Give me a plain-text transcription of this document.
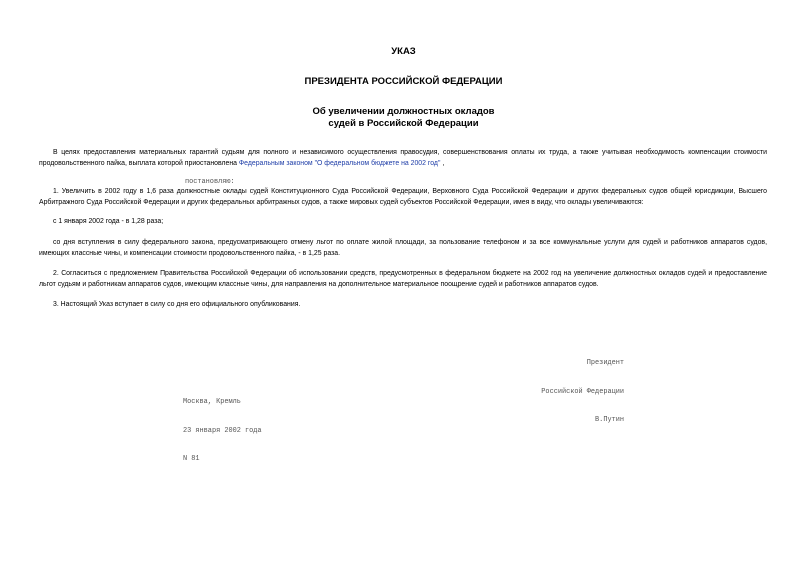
УКАЗ
ПРЕЗИДЕНТА РОССИЙСКОЙ ФЕДЕРАЦИИ
Об увеличении должностных окладов
судей в Российской Федерации
В целях предоставления материальных гарантий судьям для полного и независимого осуществления правосудия, совершенствования оплаты их труда, а также учитывая необходимость компенсации стоимости продовольственного пайка, выплата которой приостановлена Федеральным законом "О федеральном бюджете на 2002 год" ,
постановляю:
1. Увеличить в 2002 году в 1,6 раза должностные оклады судей Конституционного Суда Российской Федерации, Верховного Суда Российской Федерации и других федеральных судов общей юрисдикции, Высшего Арбитражного Суда Российской Федерации и других федеральных арбитражных судов, а также мировых судей субъектов Российской Федерации, имея в виду, что оклады увеличиваются:
с 1 января 2002 года - в 1,28 раза;
со дня вступления в силу федерального закона, предусматривающего отмену льгот по оплате жилой площади, за пользование телефоном и за все коммунальные услуги для судей и работников аппаратов судов, имеющих классные чины, и компенсации стоимости продовольственного пайка, - в 1,25 раза.
2. Согласиться с предложением Правительства Российской Федерации об использовании средств, предусмотренных в федеральном бюджете на 2002 год на увеличение должностных окладов судей и предоставление льгот судьям и работникам аппаратов судов, имеющим классные чины, для направления на дополнительное материальное поощрение судей и работников аппаратов судов.
3. Настоящий Указ вступает в силу со дня его официального опубликования.

Президент

Российской Федерации

В.Путин

Москва, Кремль

23 января 2002 года

N 81
